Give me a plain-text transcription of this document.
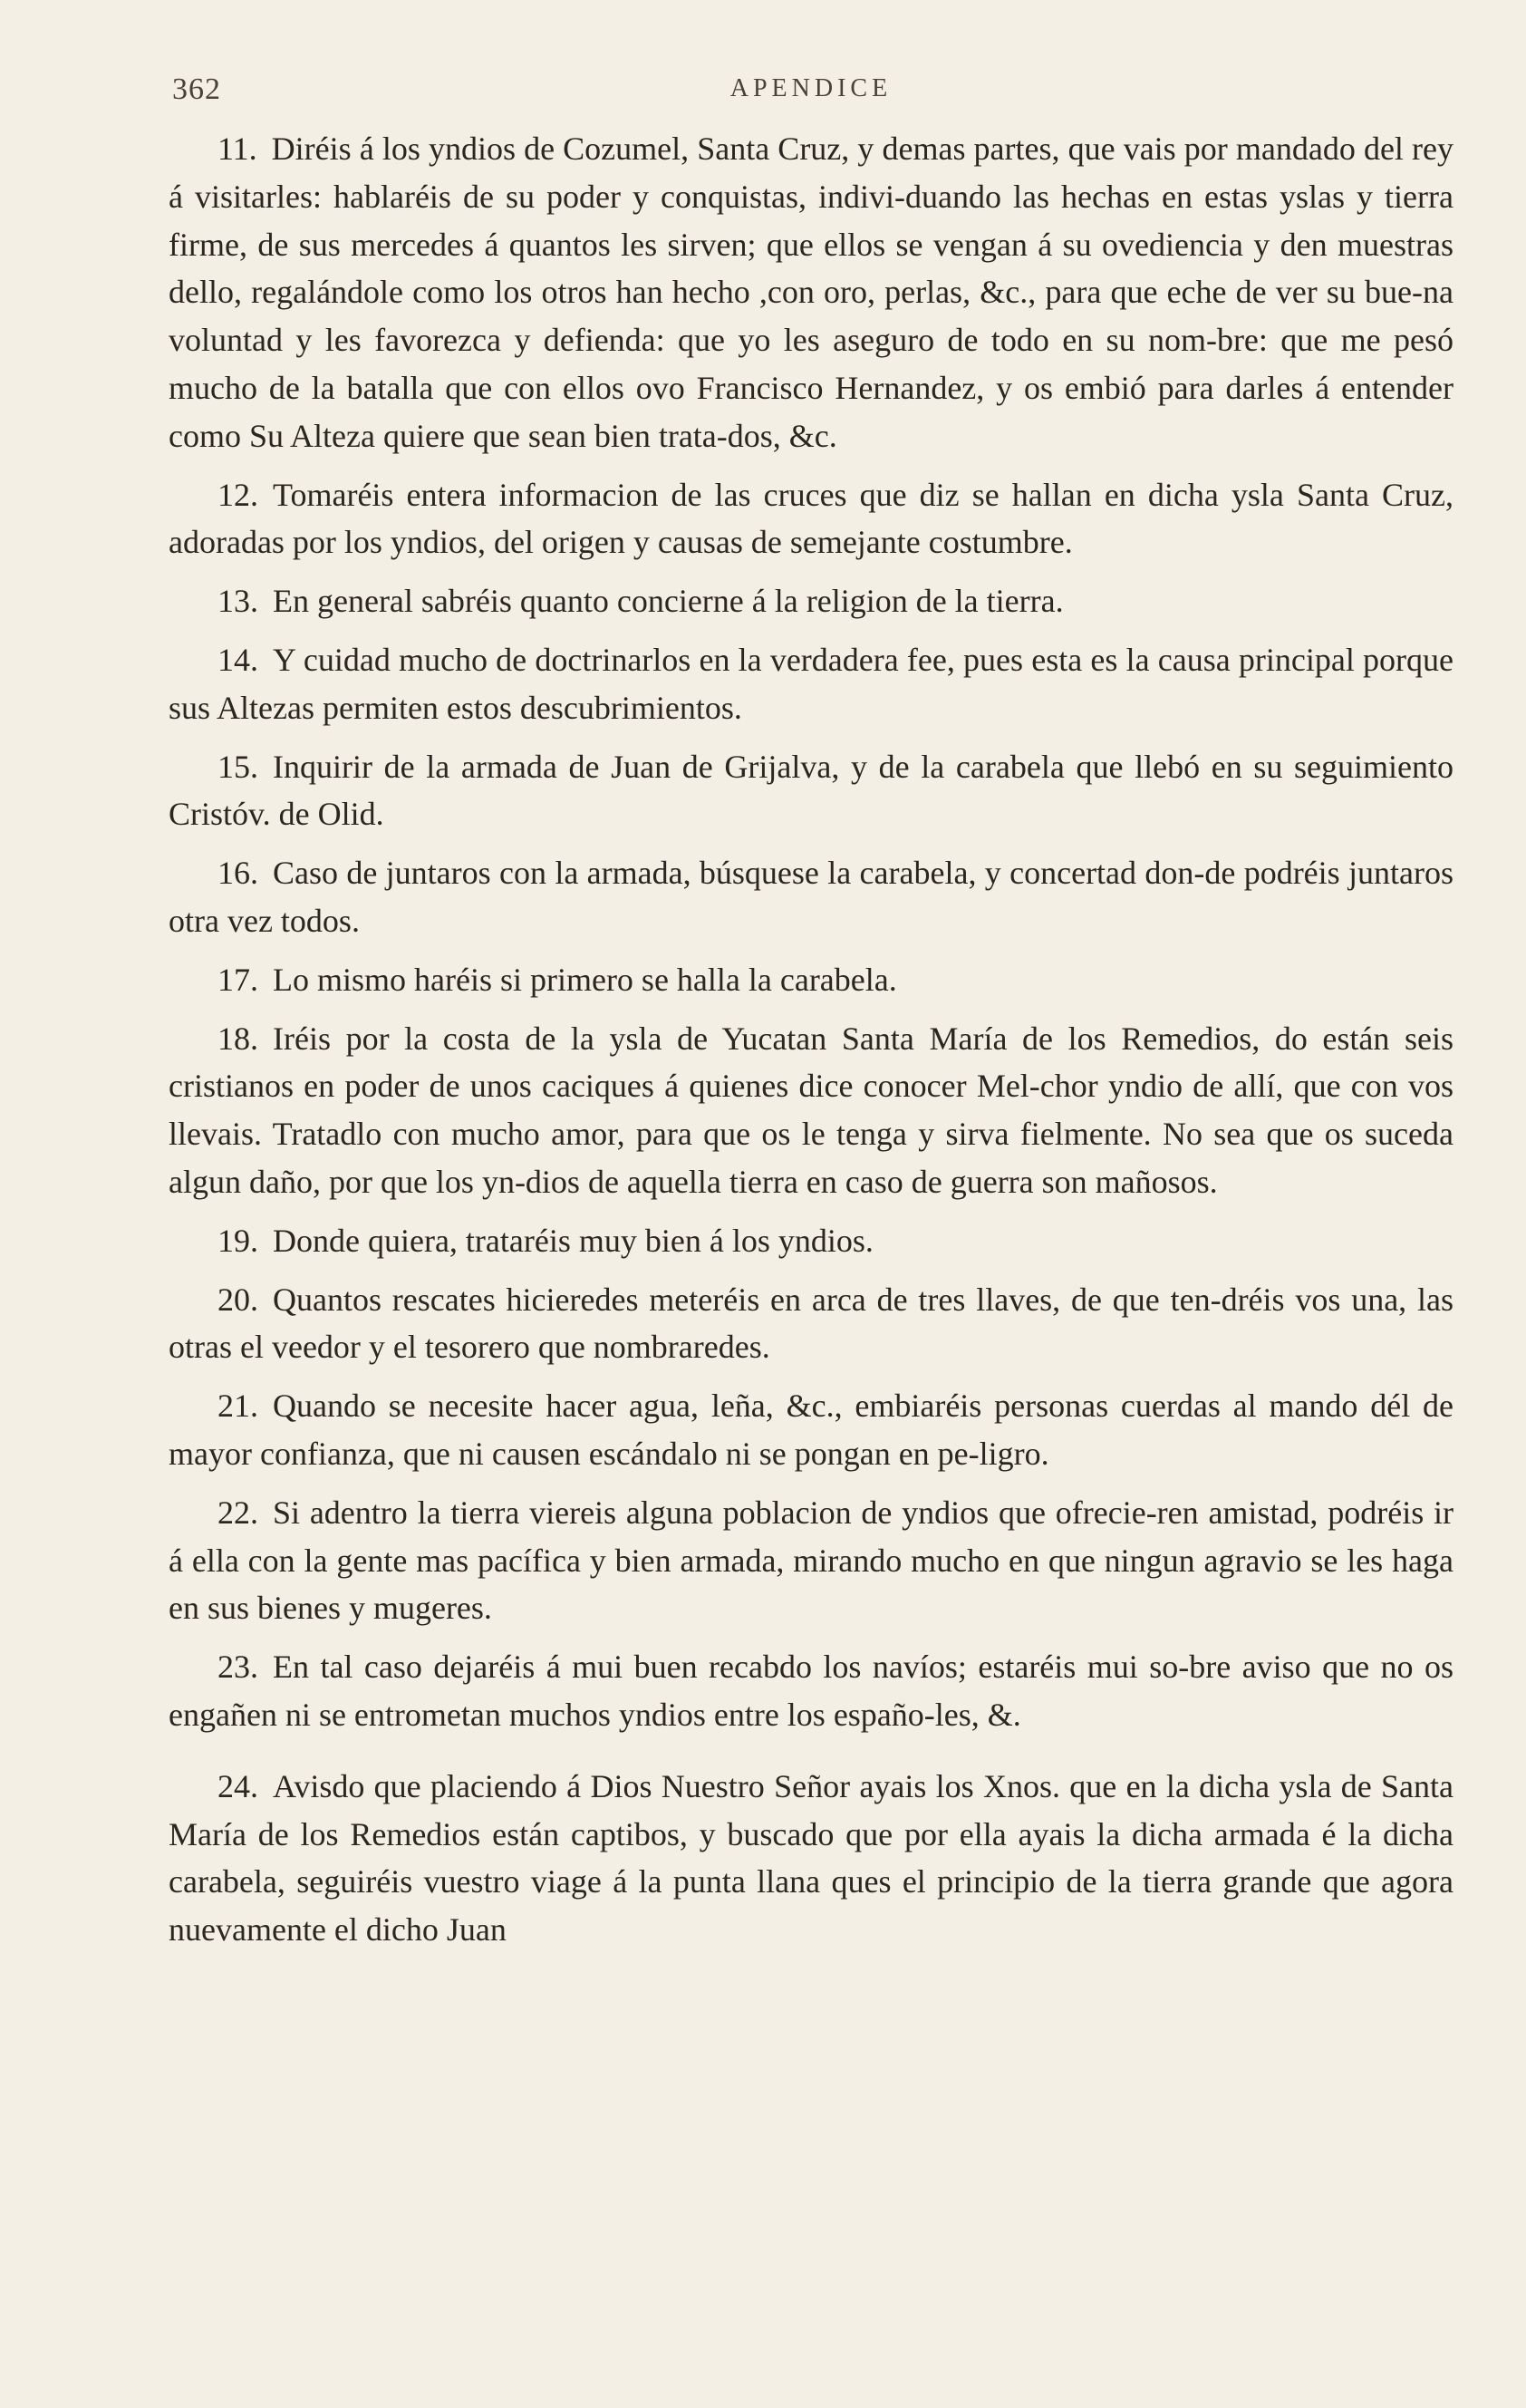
362	APENDICE

11. Diréis á los yndios de Cozumel, Santa Cruz, y demas partes, que vais por mandado del rey á visitarles: hablaréis de su poder y conquistas, indivi-duando las hechas en estas yslas y tierra firme, de sus mercedes á quantos les sirven; que ellos se vengan á su ovediencia y den muestras dello, regalándole como los otros han hecho ,con oro, perlas, &c., para que eche de ver su bue-na voluntad y les favorezca y defienda: que yo les aseguro de todo en su nom-bre: que me pesó mucho de la batalla que con ellos ovo Francisco Hernandez, y os embió para darles á entender como Su Alteza quiere que sean bien trata-dos, &c.

12. Tomaréis entera informacion de las cruces que diz se hallan en dicha ysla Santa Cruz, adoradas por los yndios, del origen y causas de semejante costumbre.

13. En general sabréis quanto concierne á la religion de la tierra.

14. Y cuidad mucho de doctrinarlos en la verdadera fee, pues esta es la causa principal porque sus Altezas permiten estos descubrimientos.

15. Inquirir de la armada de Juan de Grijalva, y de la carabela que llebó en su seguimiento Cristóv. de Olid.

16. Caso de juntaros con la armada, búsquese la carabela, y concertad don-de podréis juntaros otra vez todos.

17. Lo mismo haréis si primero se halla la carabela.

18. Iréis por la costa de la ysla de Yucatan Santa María de los Remedios, do están seis cristianos en poder de unos caciques á quienes dice conocer Mel-chor yndio de allí, que con vos llevais. Tratadlo con mucho amor, para que os le tenga y sirva fielmente. No sea que os suceda algun daño, por que los yn-dios de aquella tierra en caso de guerra son mañosos.

19. Donde quiera, trataréis muy bien á los yndios.

20. Quantos rescates hicieredes meteréis en arca de tres llaves, de que ten-dréis vos una, las otras el veedor y el tesorero que nombraredes.

21. Quando se necesite hacer agua, leña, &c., embiaréis personas cuerdas al mando dél de mayor confianza, que ni causen escándalo ni se pongan en pe-ligro.

22. Si adentro la tierra viereis alguna poblacion de yndios que ofrecie-ren amistad, podréis ir á ella con la gente mas pacífica y bien armada, mirando mucho en que ningun agravio se les haga en sus bienes y mugeres.

23. En tal caso dejaréis á mui buen recabdo los navíos; estaréis mui so-bre aviso que no os engañen ni se entrometan muchos yndios entre los españo-les, &.

24. Avisdo que placiendo á Dios Nuestro Señor ayais los Xnos. que en la dicha ysla de Santa María de los Remedios están captibos, y buscado que por ella ayais la dicha armada é la dicha carabela, seguiréis vuestro viage á la punta llana ques el principio de la tierra grande que agora nuevamente el dicho Juan
